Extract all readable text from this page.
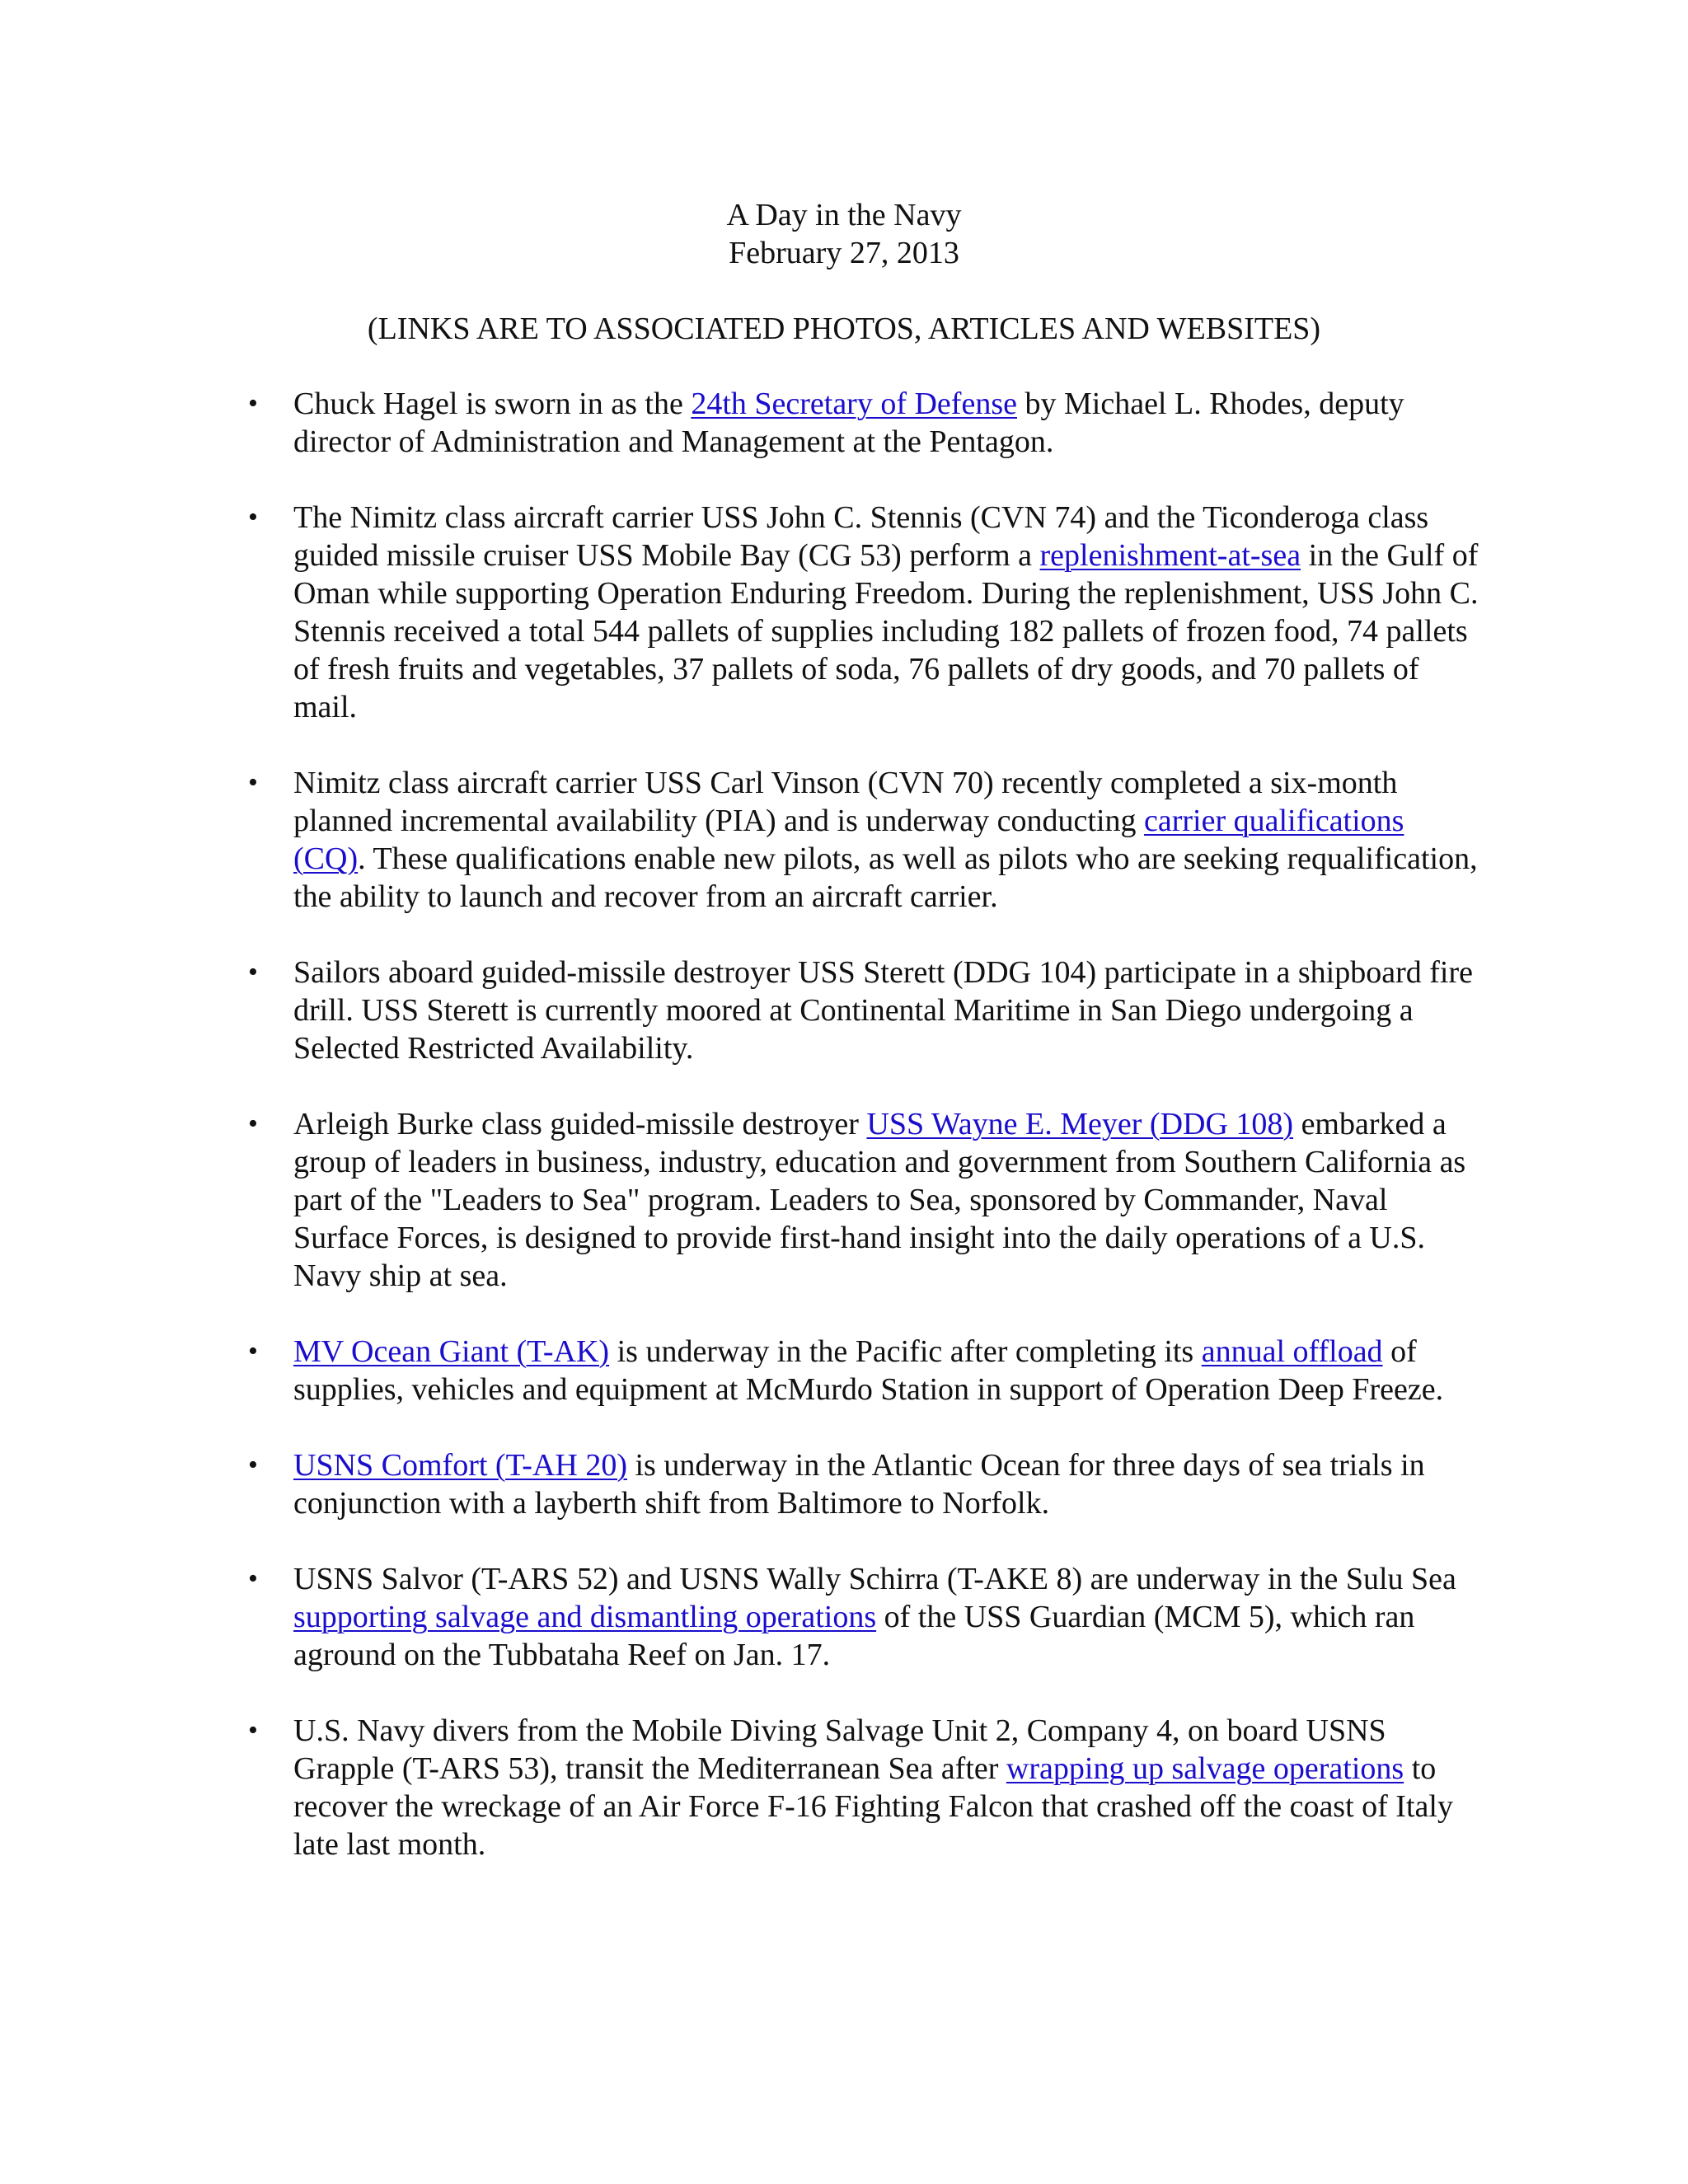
A Day in the Navy
February 27, 2013
(LINKS ARE TO ASSOCIATED PHOTOS, ARTICLES AND WEBSITES)
• Chuck Hagel is sworn in as the 24th Secretary of Defense by Michael L. Rhodes, deputy director of Administration and Management at the Pentagon.
• The Nimitz class aircraft carrier USS John C. Stennis (CVN 74) and the Ticonderoga class guided missile cruiser USS Mobile Bay (CG 53) perform a replenishment-at-sea in the Gulf of Oman while supporting Operation Enduring Freedom. During the replenishment, USS John C. Stennis received a total 544 pallets of supplies including 182 pallets of frozen food, 74 pallets of fresh fruits and vegetables, 37 pallets of soda, 76 pallets of dry goods, and 70 pallets of mail.
• Nimitz class aircraft carrier USS Carl Vinson (CVN 70) recently completed a six-month planned incremental availability (PIA) and is underway conducting carrier qualifications (CQ). These qualifications enable new pilots, as well as pilots who are seeking requalification, the ability to launch and recover from an aircraft carrier.
• Sailors aboard guided-missile destroyer USS Sterett (DDG 104) participate in a shipboard fire drill. USS Sterett is currently moored at Continental Maritime in San Diego undergoing a Selected Restricted Availability.
• Arleigh Burke class guided-missile destroyer USS Wayne E. Meyer (DDG 108) embarked a group of leaders in business, industry, education and government from Southern California as part of the "Leaders to Sea" program. Leaders to Sea, sponsored by Commander, Naval Surface Forces, is designed to provide first-hand insight into the daily operations of a U.S. Navy ship at sea.
• MV Ocean Giant (T-AK) is underway in the Pacific after completing its annual offload of supplies, vehicles and equipment at McMurdo Station in support of Operation Deep Freeze.
• USNS Comfort (T-AH 20) is underway in the Atlantic Ocean for three days of sea trials in conjunction with a layberth shift from Baltimore to Norfolk.
• USNS Salvor (T-ARS 52) and USNS Wally Schirra (T-AKE 8) are underway in the Sulu Sea supporting salvage and dismantling operations of the USS Guardian (MCM 5), which ran aground on the Tubbataha Reef on Jan. 17.
• U.S. Navy divers from the Mobile Diving Salvage Unit 2, Company 4, on board USNS Grapple (T-ARS 53), transit the Mediterranean Sea after wrapping up salvage operations to recover the wreckage of an Air Force F-16 Fighting Falcon that crashed off the coast of Italy late last month.
